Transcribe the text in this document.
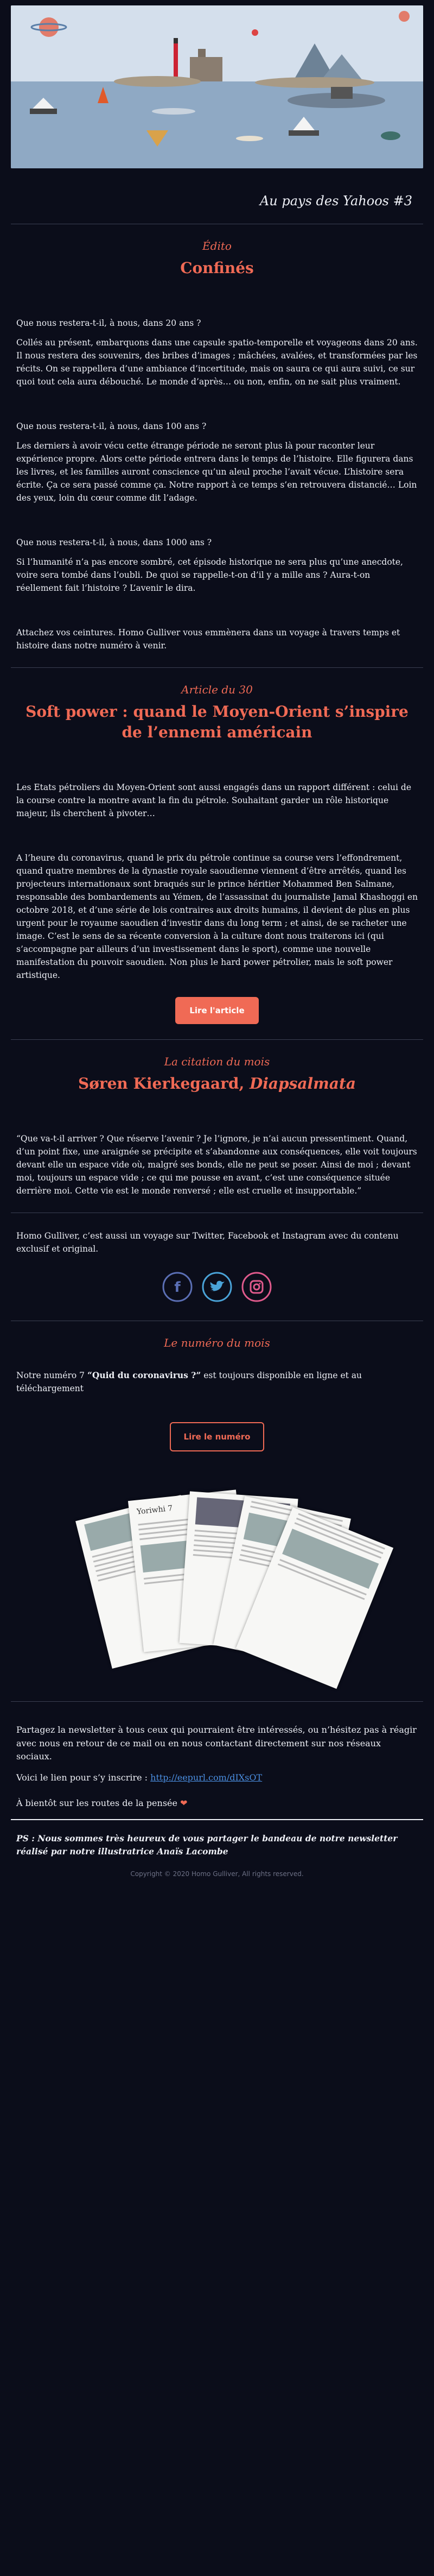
Au pays des Yahoos #3
Édito
Confinés

Que nous restera-t-il, à nous, dans 20 ans ?

Collés au présent, embarquons dans une capsule spatio-temporelle et voyageons dans 20 ans. Il nous restera des souvenirs, des bribes d’images ; mâchées, avalées, et transformées par les récits. On se rappellera d’une ambiance d’incertitude, mais on saura ce qui aura suivi, ce sur quoi tout cela aura débouché. Le monde d’après… ou non, enfin, on ne sait plus vraiment.

Que nous restera-t-il, à nous, dans 100 ans ?

Les derniers à avoir vécu cette étrange période ne seront plus là pour raconter leur expérience propre. Alors cette période entrera dans le temps de l’histoire. Elle figurera dans les livres, et les familles auront conscience qu’un aleul proche l’avait vécue. L’histoire sera écrite. Ça ce sera passé comme ça. Notre rapport à ce temps s’en retrouvera distancié… Loin des yeux, loin du cœur comme dit l’adage.

Que nous restera-t-il, à nous, dans 1000 ans ?

Si l’humanité n’a pas encore sombré, cet épisode historique ne sera plus qu’une anecdote, voire sera tombé dans l’oubli. De quoi se rappelle-t-on d’il y a mille ans ? Aura-t-on réellement fait l’histoire ? L’avenir le dira.

Attachez vos ceintures. Homo Gulliver vous emmènera dans un voyage à travers temps et histoire dans notre numéro à venir.

Article du 30
Soft power : quand le Moyen-Orient s’inspire de l’ennemi américain

Les Etats pétroliers du Moyen-Orient sont aussi engagés dans un rapport différent : celui de la course contre la montre avant la fin du pétrole. Souhaitant garder un rôle historique majeur, ils cherchent à pivoter…

A l’heure du coronavirus, quand le prix du pétrole continue sa course vers l’effondrement, quand quatre membres de la dynastie royale saoudienne viennent d’être arrêtés, quand les projecteurs internationaux sont braqués sur le prince héritier Mohammed Ben Salmane, responsable des bombardements au Yémen, de l’assassinat du journaliste Jamal Khashoggi en octobre 2018, et d’une série de lois contraires aux droits humains, il devient de plus en plus urgent pour le royaume saoudien d’investir dans du long term ; et ainsi, de se racheter une image. C’est le sens de sa récente conversion à la culture dont nous traiterons ici (qui s’accompagne par ailleurs d’un investissement dans le sport), comme une nouvelle manifestation du pouvoir saoudien. Non plus le hard power pétrolier, mais le soft power artistique.

Lire l'article
La citation du mois
Søren Kierkegaard, Diapsalmata

“Que va-t-il arriver ? Que réserve l’avenir ? Je l’ignore, je n’ai aucun pressentiment. Quand, d’un point fixe, une araignée se précipite et s’abandonne aux conséquences, elle voit toujours devant elle un espace vide où, malgré ses bonds, elle ne peut se poser. Ainsi de moi ; devant moi, toujours un espace vide ; ce qui me pousse en avant, c’est une conséquence située derrière moi. Cette vie est le monde renversé ; elle est cruelle et insupportable.”

Homo Gulliver, c’est aussi un voyage sur Twitter, Facebook et Instagram avec du contenu exclusif et original.

f

Le numéro du mois

Notre numéro 7 “Quid du coronavirus ?” est toujours disponible en ligne et au téléchargement

Lire le numéro
Yoriwhi 7

Partagez la newsletter à tous ceux qui pourraient être intéressés, ou n’hésitez pas à réagir avec nous en retour de ce mail ou en nous contactant directement sur nos réseaux sociaux.

Voici le lien pour s’y inscrire : http://eepurl.com/dIXsOT

À bientôt sur les routes de la pensée ❤

PS : Nous sommes très heureux de vous partager le bandeau de notre newsletter réalisé par notre illustratrice Anaïs Lacombe

Copyright © 2020 Homo Gulliver, All rights reserved.
